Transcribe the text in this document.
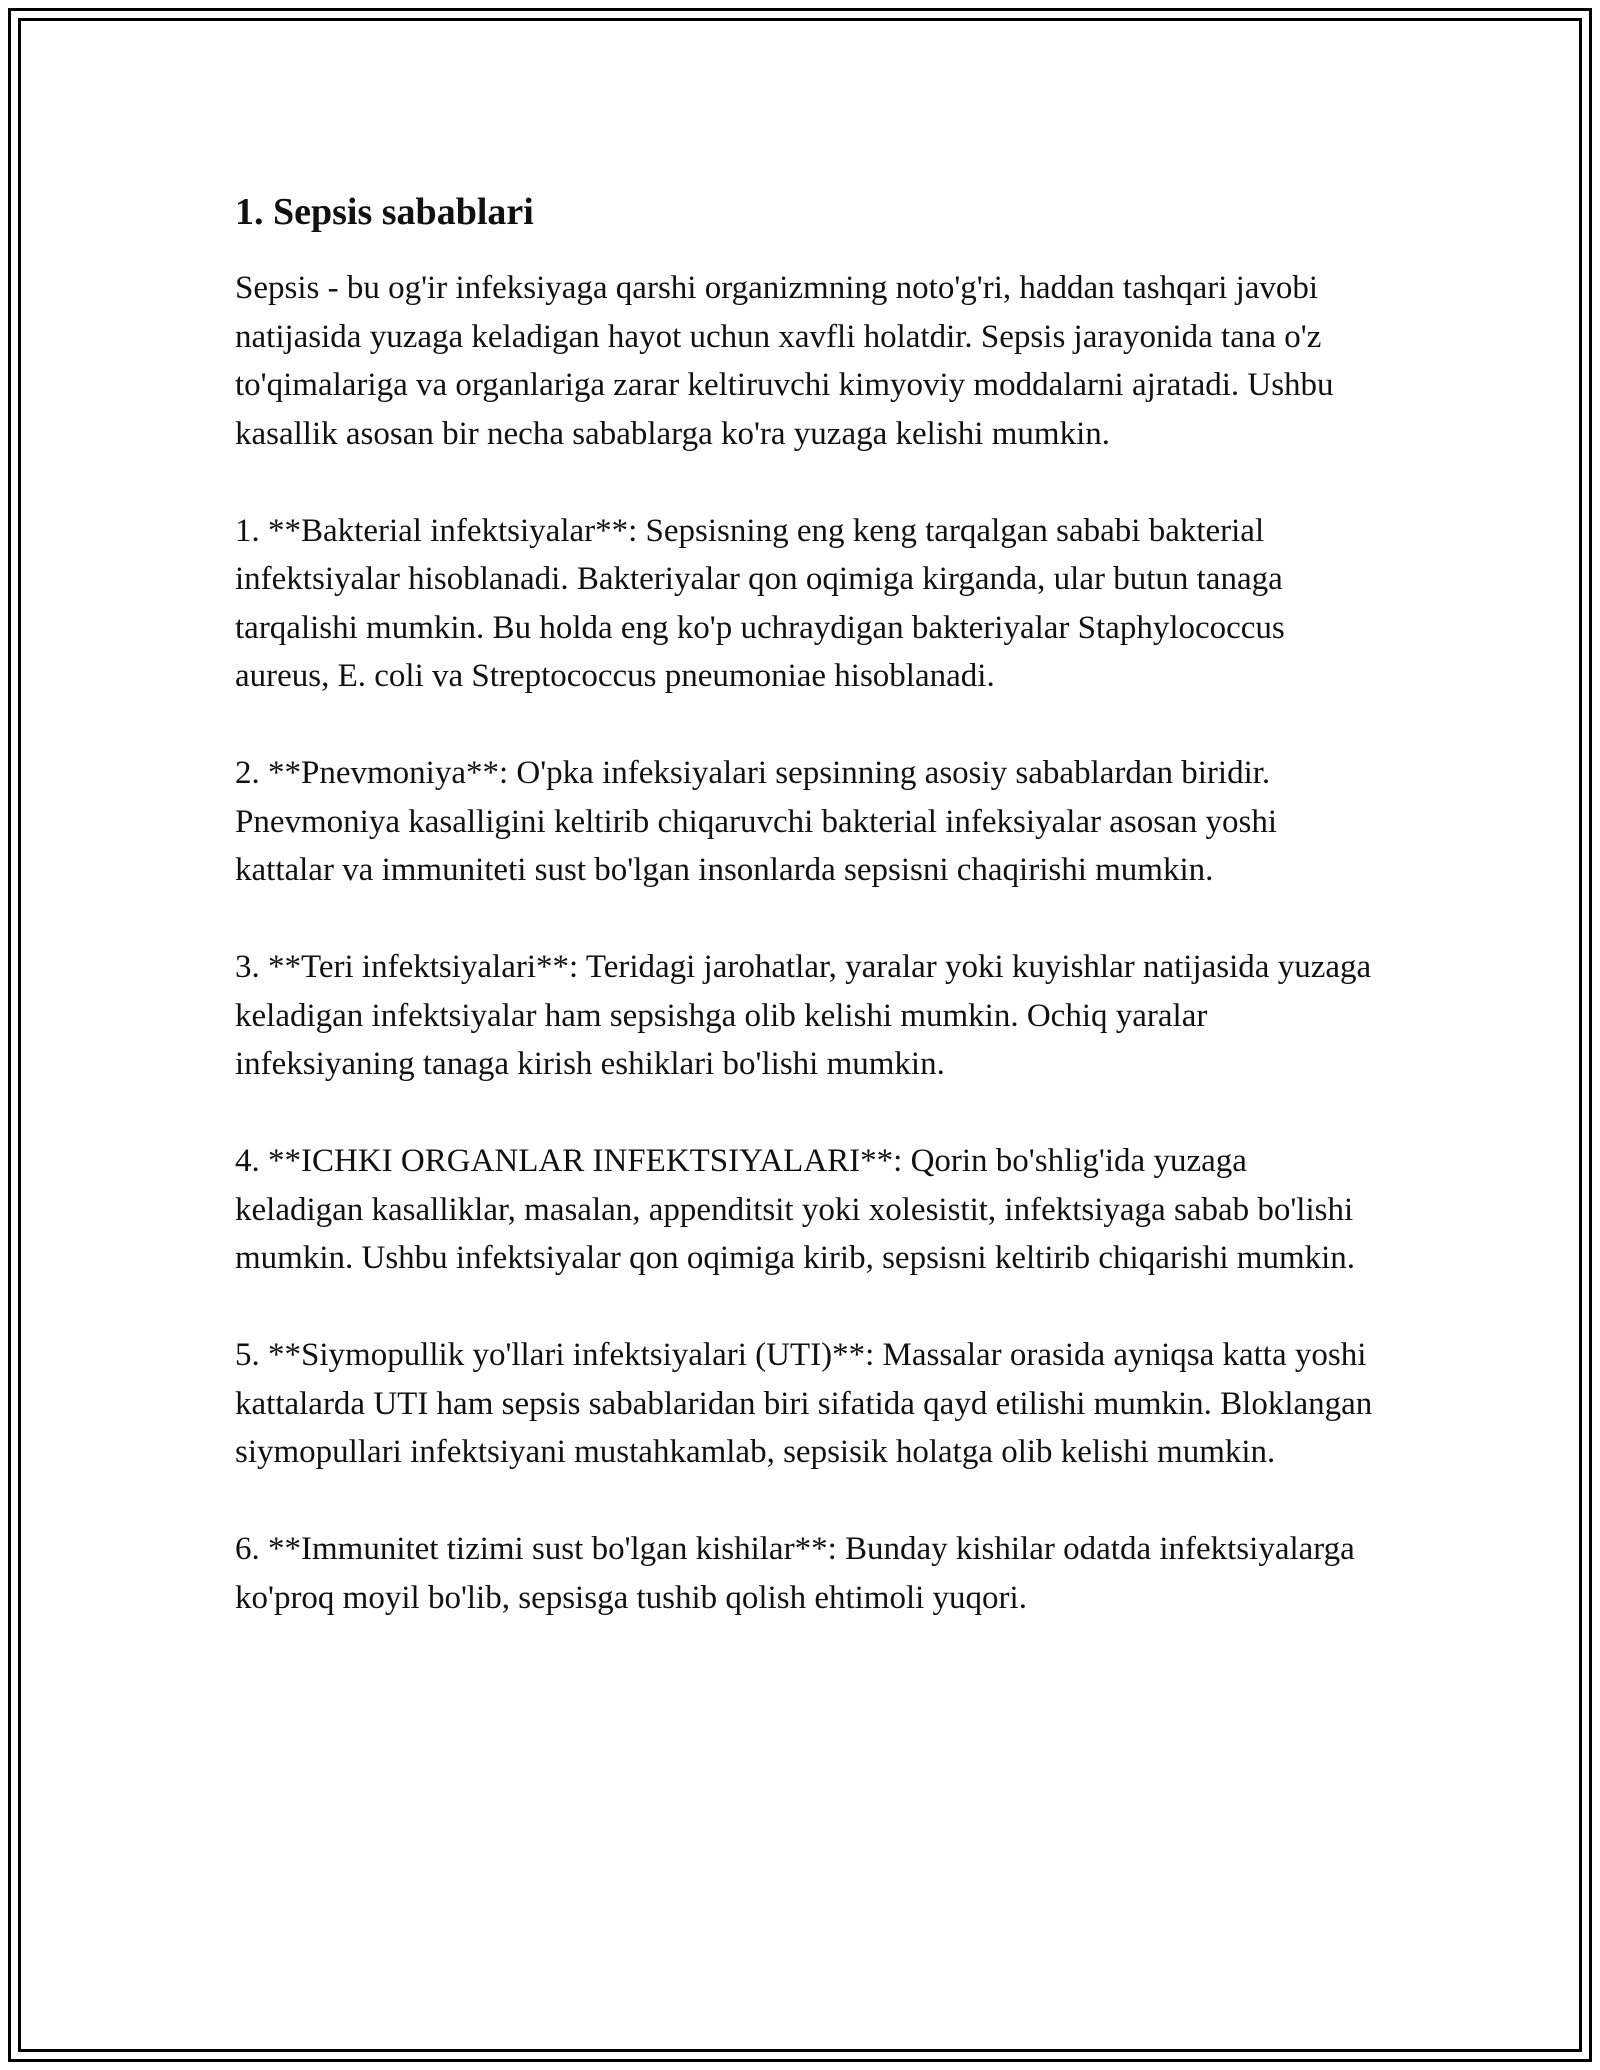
1. Sepsis sabablari

Sepsis - bu og'ir infeksiyaga qarshi organizmning noto'g'ri, haddan tashqari javobi natijasida yuzaga keladigan hayot uchun xavfli holatdir. Sepsis jarayonida tana o'z to'qimalariga va organlariga zarar keltiruvchi kimyoviy moddalarni ajratadi. Ushbu kasallik asosan bir necha sabablarga ko'ra yuzaga kelishi mumkin.

1. **Bakterial infektsiyalar**: Sepsisning eng keng tarqalgan sababi bakterial infektsiyalar hisoblanadi. Bakteriyalar qon oqimiga kirganda, ular butun tanaga tarqalishi mumkin. Bu holda eng ko'p uchraydigan bakteriyalar Staphylococcus aureus, E. coli va Streptococcus pneumoniae hisoblanadi.

2. **Pnevmoniya**: O'pka infeksiyalari sepsinning asosiy sabablardan biridir. Pnevmoniya kasalligini keltirib chiqaruvchi bakterial infeksiyalar asosan yoshi kattalar va immuniteti sust bo'lgan insonlarda sepsisni chaqirishi mumkin.

3. **Teri infektsiyalari**: Teridagi jarohatlar, yaralar yoki kuyishlar natijasida yuzaga keladigan infektsiyalar ham sepsishga olib kelishi mumkin. Ochiq yaralar infeksiyaning tanaga kirish eshiklari bo'lishi mumkin.

4. **ICHKI ORGANLAR INFEKTSIYALARI**: Qorin bo'shlig'ida yuzaga keladigan kasalliklar, masalan, appenditsit yoki xolesistit, infektsiyaga sabab bo'lishi mumkin. Ushbu infektsiyalar qon oqimiga kirib, sepsisni keltirib chiqarishi mumkin.

5. **Siymopullik yo'llari infektsiyalari (UTI)**: Massalar orasida ayniqsa katta yoshi kattalarda UTI ham sepsis sabablaridan biri sifatida qayd etilishi mumkin. Bloklangan siymopullari infektsiyani mustahkamlab, sepsisik holatga olib kelishi mumkin.

6. **Immunitet tizimi sust bo'lgan kishilar**: Bunday kishilar odatda infektsiyalarga ko'proq moyil bo'lib, sepsisga tushib qolish ehtimoli yuqori.
